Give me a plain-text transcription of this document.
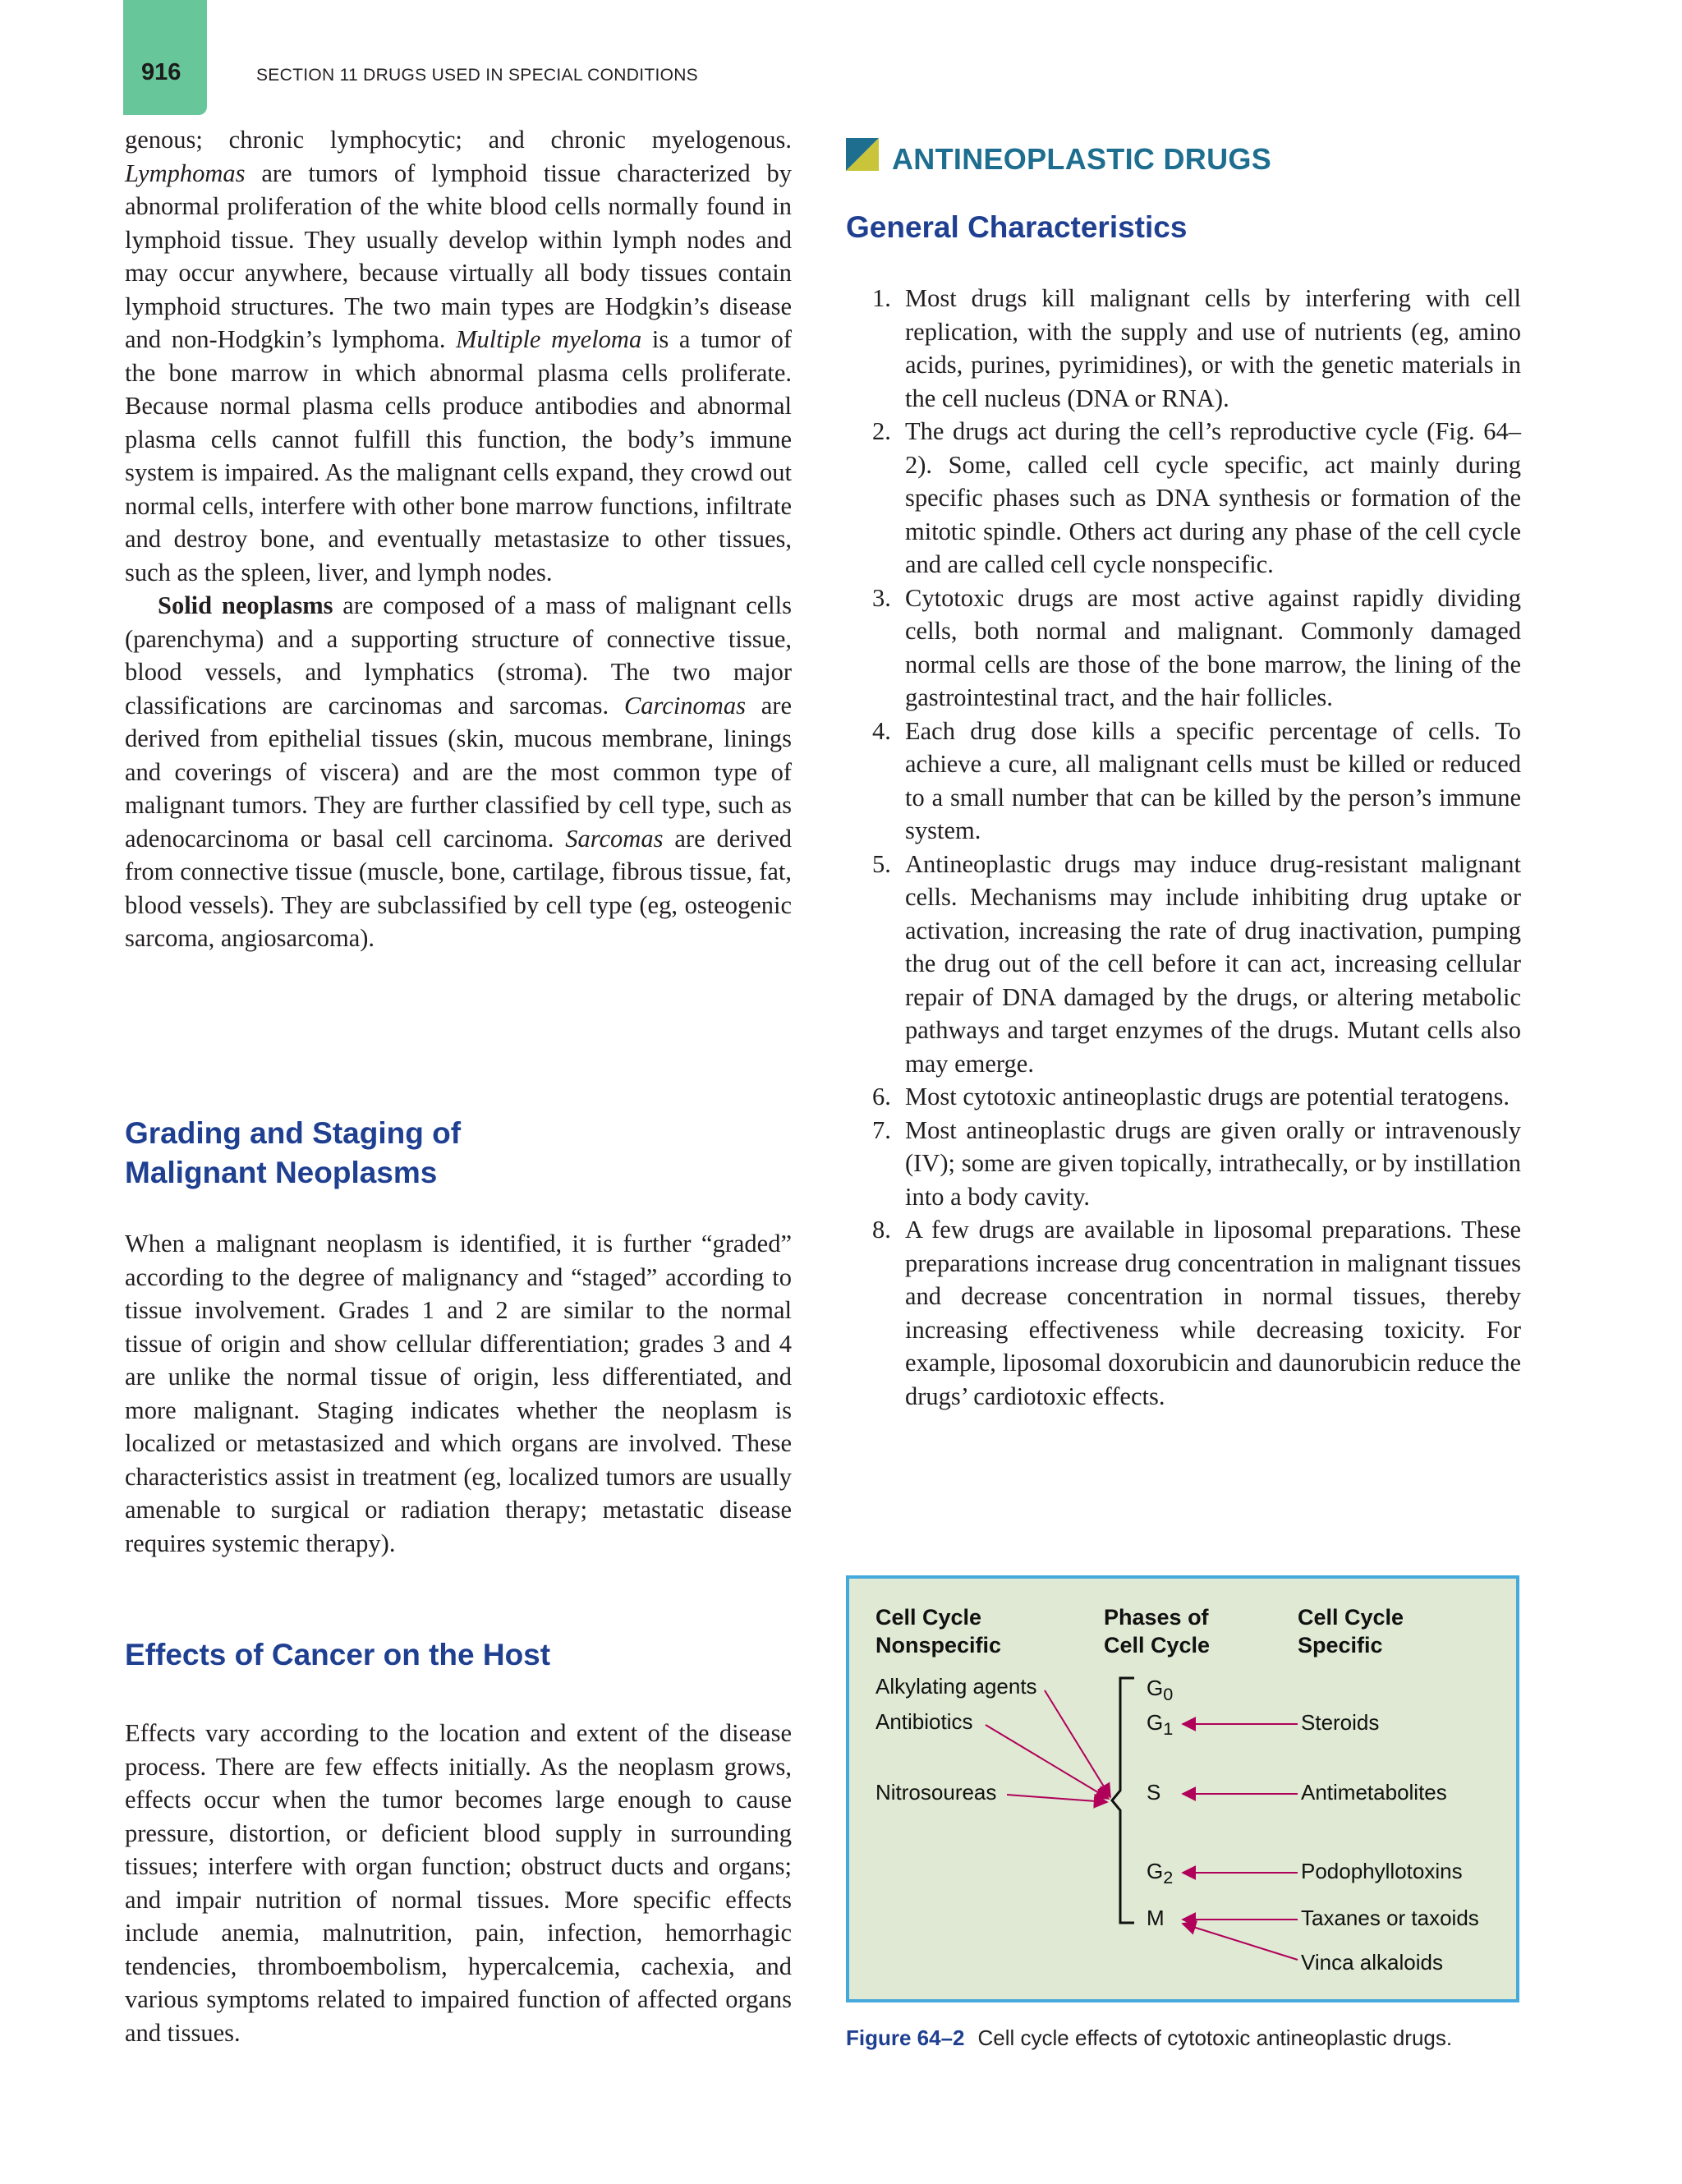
916	SECTION 11 DRUGS USED IN SPECIAL CONDITIONS

genous; chronic lymphocytic; and chronic myelogenous. Lymphomas are tumors of lymphoid tissue characterized by abnormal proliferation of the white blood cells normally found in lymphoid tissue. They usually develop within lymph nodes and may occur anywhere, because virtually all body tissues contain lymphoid structures. The two main types are Hodgkin’s disease and non-Hodgkin’s lymphoma. Multiple myeloma is a tumor of the bone marrow in which abnormal plasma cells proliferate. Because normal plasma cells produce antibodies and abnormal plasma cells cannot fulfill this function, the body’s immune system is impaired. As the malignant cells expand, they crowd out normal cells, interfere with other bone marrow functions, infiltrate and destroy bone, and eventually metastasize to other tissues, such as the spleen, liver, and lymph nodes.

Solid neoplasms are composed of a mass of malignant cells (parenchyma) and a supporting structure of connective tissue, blood vessels, and lymphatics (stroma). The two major classifications are carcinomas and sarcomas. Carcinomas are derived from epithelial tissues (skin, mucous membrane, linings and coverings of viscera) and are the most common type of malignant tumors. They are further classified by cell type, such as adenocarcinoma or basal cell carcinoma. Sarcomas are derived from connective tissue (muscle, bone, cartilage, fibrous tissue, fat, blood vessels). They are subclassified by cell type (eg, osteogenic sarcoma, angiosarcoma).

Grading and Staging of
Malignant Neoplasms

When a malignant neoplasm is identified, it is further “graded” according to the degree of malignancy and “staged” according to tissue involvement. Grades 1 and 2 are similar to the normal tissue of origin and show cellular differentiation; grades 3 and 4 are unlike the normal tissue of origin, less differentiated, and more malignant. Staging indicates whether the neoplasm is localized or metastasized and which organs are involved. These characteristics assist in treatment (eg, localized tumors are usually amenable to surgical or radiation therapy; metastatic disease requires systemic therapy).

Effects of Cancer on the Host

Effects vary according to the location and extent of the disease process. There are few effects initially. As the neoplasm grows, effects occur when the tumor becomes large enough to cause pressure, distortion, or deficient blood supply in surrounding tissues; interfere with organ function; obstruct ducts and organs; and impair nutrition of normal tissues. More specific effects include anemia, malnutrition, pain, infection, hemorrhagic tendencies, thromboembolism, hypercalcemia, cachexia, and various symptoms related to impaired function of affected organs and tissues.

ANTINEOPLASTIC DRUGS
General Characteristics
1. Most drugs kill malignant cells by interfering with cell replication, with the supply and use of nutrients (eg, amino acids, purines, pyrimidines), or with the genetic materials in the cell nucleus (DNA or RNA).
2. The drugs act during the cell’s reproductive cycle (Fig. 64–2). Some, called cell cycle specific, act mainly during specific phases such as DNA synthesis or formation of the mitotic spindle. Others act during any phase of the cell cycle and are called cell cycle nonspecific.
3. Cytotoxic drugs are most active against rapidly dividing cells, both normal and malignant. Commonly damaged normal cells are those of the bone marrow, the lining of the gastrointestinal tract, and the hair follicles.
4. Each drug dose kills a specific percentage of cells. To achieve a cure, all malignant cells must be killed or reduced to a small number that can be killed by the person’s immune system.
5. Antineoplastic drugs may induce drug-resistant malignant cells. Mechanisms may include inhibiting drug uptake or activation, increasing the rate of drug inactivation, pumping the drug out of the cell before it can act, increasing cellular repair of DNA damaged by the drugs, or altering metabolic pathways and target enzymes of the drugs. Mutant cells also may emerge.
6. Most cytotoxic antineoplastic drugs are potential teratogens.
7. Most antineoplastic drugs are given orally or intravenously (IV); some are given topically, intrathecally, or by instillation into a body cavity.
8. A few drugs are available in liposomal preparations. These preparations increase drug concentration in malignant tissues and decrease concentration in normal tissues, thereby increasing effectiveness while decreasing toxicity. For example, liposomal doxorubicin and daunorubicin reduce the drugs’ cardiotoxic effects.
Cell Cycle
Nonspecific
Phases of
Cell Cycle
Cell Cycle
Specific
Alkylating agents
Antibiotics
Nitrosoureas
$G_0$
$G_1$
S
$G_2$
M
Steroids
Antimetabolites
Podophyllotoxins
Taxanes or taxoids
Vinca alkaloids
Figure 64–2 Cell cycle effects of cytotoxic antineoplastic drugs.
